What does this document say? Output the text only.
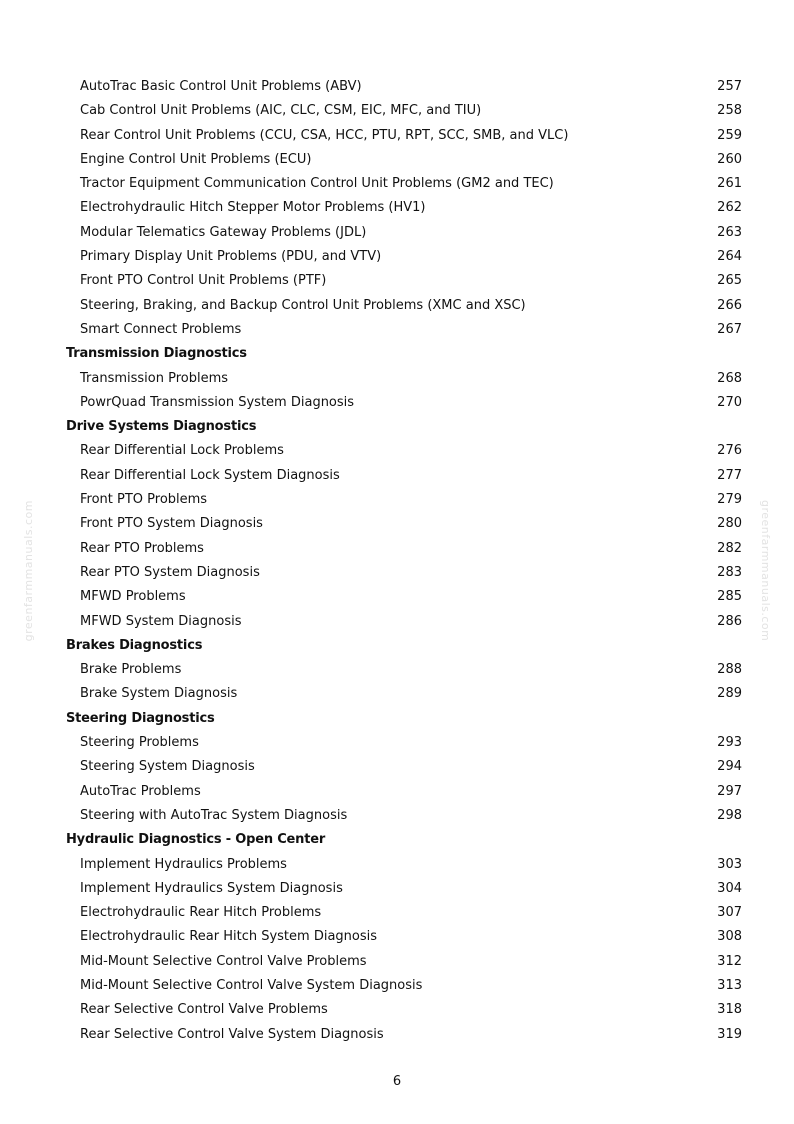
greenfarmmanuals.com	greenfarmmanuals.com
AutoTrac Basic Control Unit Problems (ABV)	257
Cab Control Unit Problems (AIC, CLC, CSM, EIC, MFC, and TIU)	258
Rear Control Unit Problems (CCU, CSA, HCC, PTU, RPT, SCC, SMB, and VLC)	259
Engine Control Unit Problems (ECU)	260
Tractor Equipment Communication Control Unit Problems (GM2 and TEC)	261
Electrohydraulic Hitch Stepper Motor Problems (HV1)	262
Modular Telematics Gateway Problems (JDL)	263
Primary Display Unit Problems (PDU, and VTV)	264
Front PTO Control Unit Problems (PTF)	265
Steering, Braking, and Backup Control Unit Problems (XMC and XSC)	266
Smart Connect Problems	267
Transmission Diagnostics
Transmission Problems	268
PowrQuad Transmission System Diagnosis	270
Drive Systems Diagnostics
Rear Differential Lock Problems	276
Rear Differential Lock System Diagnosis	277
Front PTO Problems	279
Front PTO System Diagnosis	280
Rear PTO Problems	282
Rear PTO System Diagnosis	283
MFWD Problems	285
MFWD System Diagnosis	286
Brakes Diagnostics
Brake Problems	288
Brake System Diagnosis	289
Steering Diagnostics
Steering Problems	293
Steering System Diagnosis	294
AutoTrac Problems	297
Steering with AutoTrac System Diagnosis	298
Hydraulic Diagnostics - Open Center
Implement Hydraulics Problems	303
Implement Hydraulics System Diagnosis	304
Electrohydraulic Rear Hitch Problems	307
Electrohydraulic Rear Hitch System Diagnosis	308
Mid-Mount Selective Control Valve Problems	312
Mid-Mount Selective Control Valve System Diagnosis	313
Rear Selective Control Valve Problems	318
Rear Selective Control Valve System Diagnosis	319
6
